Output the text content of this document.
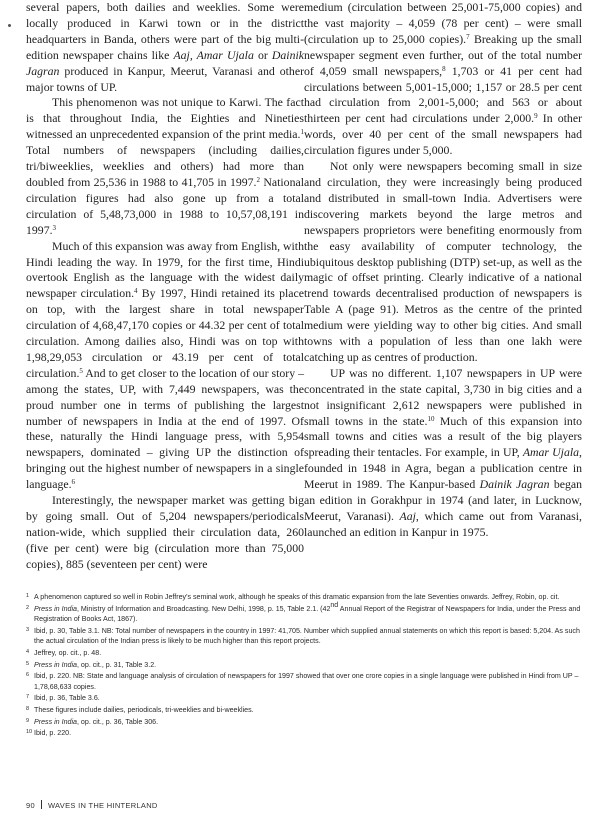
several papers, both dailies and weeklies. Some were locally produced in Karwi town or in the district headquarters in Banda, others were part of the big multi-edition newspaper chains like Aaj, Amar Ujala or Dainik Jagran produced in Kanpur, Meerut, Varanasi and other major towns of UP.

This phenomenon was not unique to Karwi. The fact is that throughout India, the Eighties and Nineties witnessed an unprecedented expansion of the print media.$^1$ Total numbers of newspapers (including dailies, tri/biweeklies, weeklies and others) had more than doubled from 25,536 in 1988 to 41,705 in 1997.$^2$ National circulation figures had also gone up from a total circulation of 5,48,73,000 in 1988 to 10,57,08,191 in 1997.$^3$

Much of this expansion was away from English, with Hindi leading the way. In 1979, for the first time, Hindi overtook English as the language with the widest daily newspaper circulation.$^4$ By 1997, Hindi retained its place on top, with the largest share in total newspaper circulation of 4,68,47,170 copies or 44.32 per cent of total circulation. Among dailies also, Hindi was on top with 1,98,29,053 circulation or 43.19 per cent of total circulation.$^5$ And to get closer to the location of our story – among the states, UP, with 7,449 newspapers, was the proud number one in terms of publishing the largest number of newspapers in India at the end of 1997. Of these, naturally the Hindi language press, with 5,954 newspapers, dominated – giving UP the distinction of bringing out the highest number of newspapers in a single language.$^6$

Interestingly, the newspaper market was getting big by going small. Out of 5,204 newspapers/periodicals nation-wide, which supplied their circulation data, 260 (five per cent) were big (circulation more than 75,000 copies), 885 (seventeen per cent) were

medium (circulation between 25,001-75,000 copies) and the vast majority – 4,059 (78 per cent) – were small (circulation up to 25,000 copies).$^7$ Breaking up the small newspaper segment even further, out of the total number of 4,059 small newspapers,$^8$ 1,703 or 41 per cent had circulations between 5,001-15,000; 1,157 or 28.5 per cent had circulation from 2,001-5,000; and 563 or about thirteen per cent had circulations under 2,000.$^9$ In other words, over 40 per cent of the small newspapers had circulation figures under 5,000.

Not only were newspapers becoming small in size and circulation, they were increasingly being produced and distributed in small-town India. Advertisers were discovering markets beyond the large metros and newspapers proprietors were benefiting enormously from the easy availability of computer technology, the ubiquitous desktop publishing (DTP) set-up, as well as the magic of offset printing. Clearly indicative of a national trend towards decentralised production of newspapers is Table A (page 91). Metros as the centre of the printed medium were yielding way to other big cities. And small towns with a population of less than one lakh were catching up as centres of production.

UP was no different. 1,107 newspapers in UP were concentrated in the state capital, 3,730 in big cities and a not insignificant 2,612 newspapers were published in small towns in the state.$^{10}$ Much of this expansion into small towns and cities was a result of the big players spreading their tentacles. For example, in UP, Amar Ujala, founded in 1948 in Agra, began a publication centre in Meerut in 1989. The Kanpur-based Dainik Jagran began an edition in Gorakhpur in 1974 (and later, in Lucknow, Meerut, Varanasi). Aaj, which came out from Varanasi, launched an edition in Kanpur in 1975.

1 A phenomenon captured so well in Robin Jeffrey's seminal work, although he speaks of this dramatic expansion from the late Seventies onwards. Jeffrey, Robin, op. cit.
2 Press in India, Ministry of Information and Broadcasting. New Delhi, 1998, p. 15, Table 2.1. (42nd Annual Report of the Registrar of Newspapers for India, under the Press and Registration of Books Act, 1867).
3 Ibid, p. 30, Table 3.1. NB: Total number of newspapers in the country in 1997: 41,705. Number which supplied annual statements on which this report is based: 5,204. As such the actual circulation of the Indian press is likely to be much higher than this report projects.
4 Jeffrey, op. cit., p. 48.
5 Press in India, op. cit., p. 31, Table 3.2.
6 Ibid, p. 220. NB: State and language analysis of circulation of newspapers for 1997 showed that over one crore copies in a single language were published in Hindi from UP – 1,78,68,633 copies.
7 Ibid, p. 36, Table 3.6.
8 These figures include dailies, periodicals, tri-weeklies and bi-weeklies.
9 Press in India, op. cit., p. 36, Table 306.
10 Ibid, p. 220.
90 WAVES IN THE HINTERLAND
